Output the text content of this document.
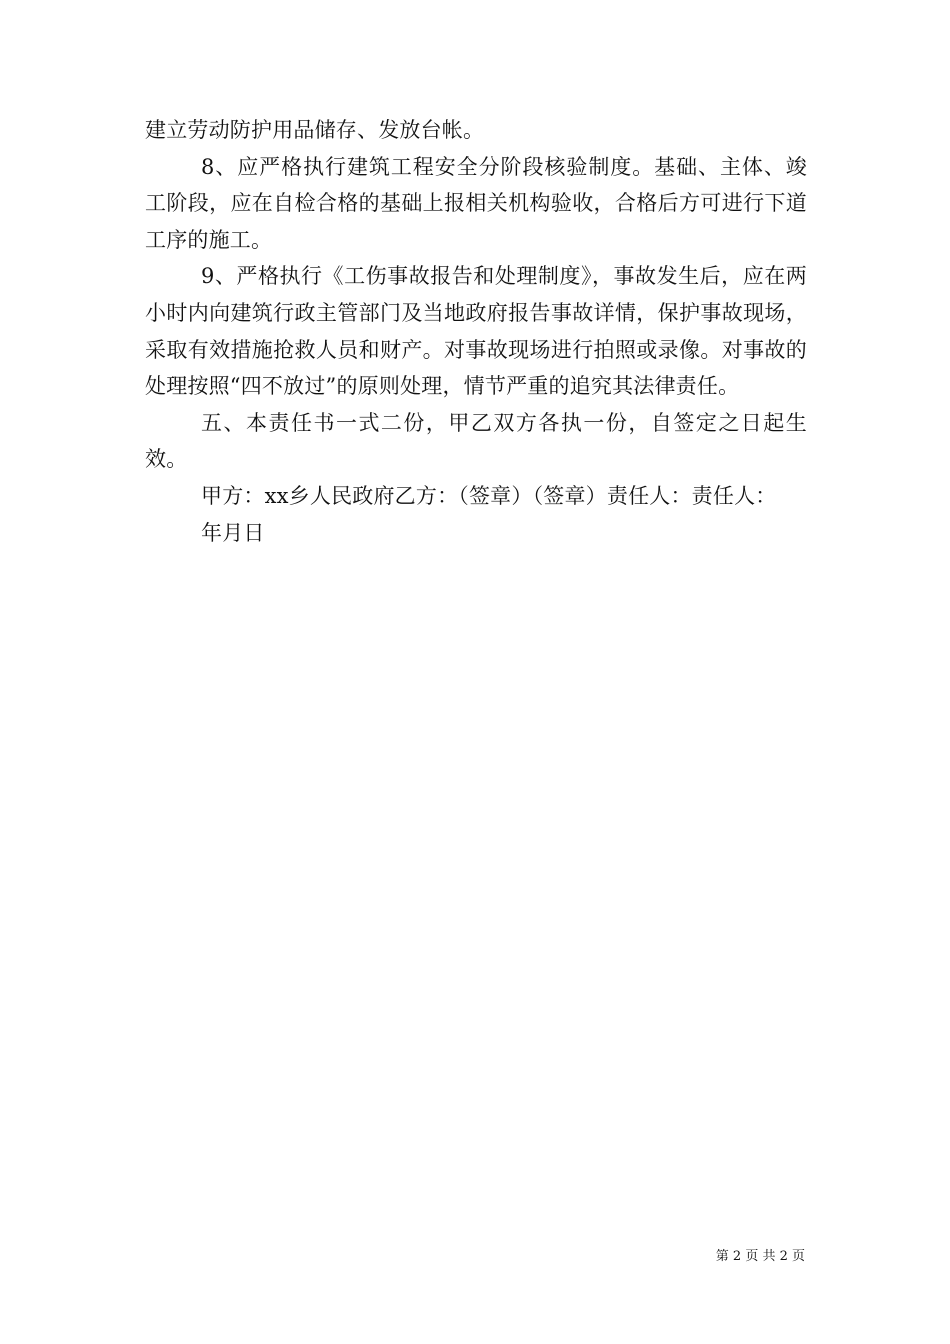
建立劳动防护用品储存、发放台帐。

8、应严格执行建筑工程安全分阶段核验制度。基础、主体、竣工阶段，应在自检合格的基础上报相关机构验收，合格后方可进行下道工序的施工。

9、严格执行《工伤事故报告和处理制度》，事故发生后，应在两小时内向建筑行政主管部门及当地政府报告事故详情，保护事故现场，采取有效措施抢救人员和财产。对事故现场进行拍照或录像。对事故的处理按照“四不放过”的原则处理，情节严重的追究其法律责任。

五、本责任书一式二份，甲乙双方各执一份，自签定之日起生效。

甲方：xx乡人民政府乙方：（签章）（签章）责任人：责任人：

年月日

第 2 页 共 2 页
